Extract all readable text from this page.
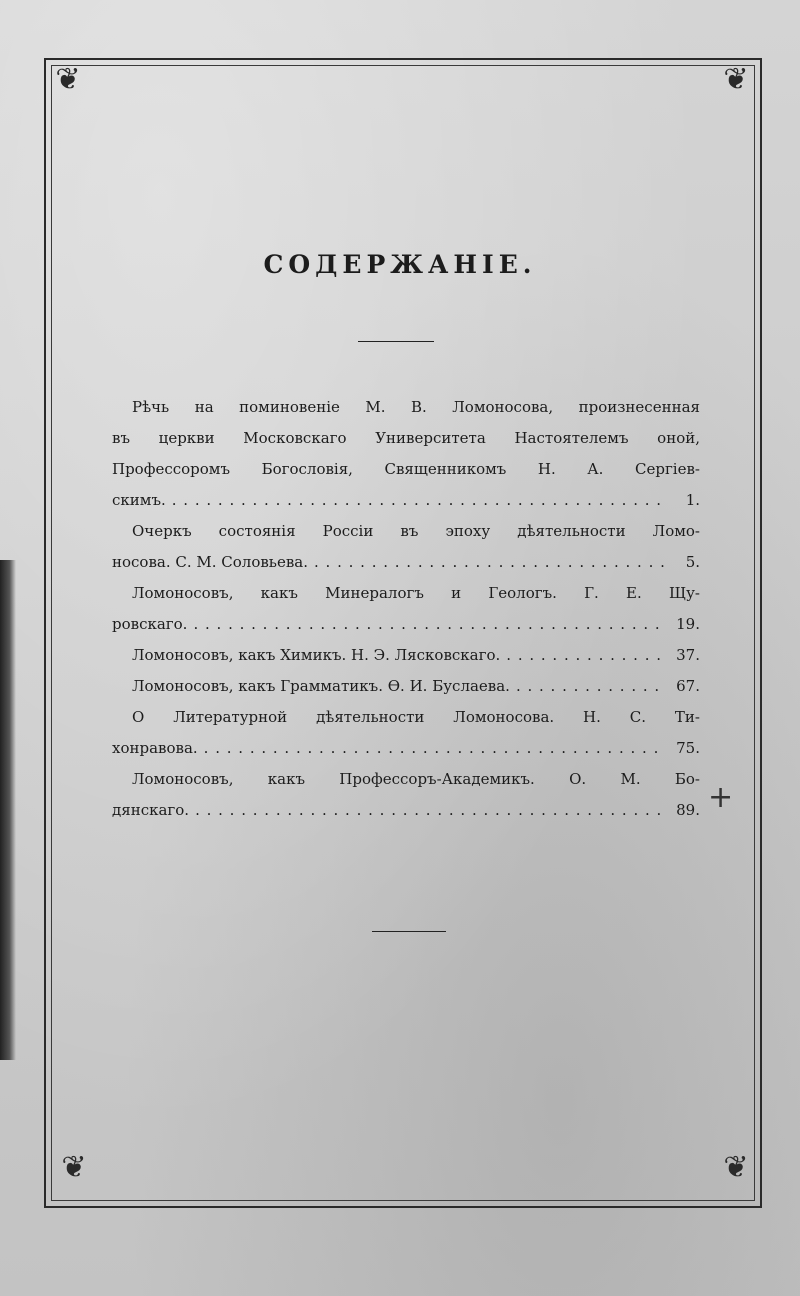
❦	❦
❦	❦
СОДЕРЖАНІЕ.
Рѣчь на поминовеніе М. В. Ломоносова, произнесенная
въ церкви Московскаго Университета Настоятелемъ оной,
Профессоромъ Богословія, Священникомъ Н. А. Сергіев-
скимъ. . . .	1.
Очеркъ состоянія Россіи въ эпоху дѣятельности Ломо-
носова. С. М. Соловьева. . . .	5.
Ломоносовъ, какъ Минералогъ и Геологъ. Г. Е. Щу-
ровскаго. . . .	19.
Ломоносовъ, какъ Химикъ. Н. Э. Лясковскаго. . . .	37.
Ломоносовъ, какъ Грамматикъ. Ѳ. И. Буслаева. . . .	67.
О Литературной дѣятельности Ломоносова. Н. С. Ти-
хонравова. . . .	75.
Ломоносовъ, какъ Профессоръ-Академикъ. О. М. Бо-
дянскаго. . . .	89. +
